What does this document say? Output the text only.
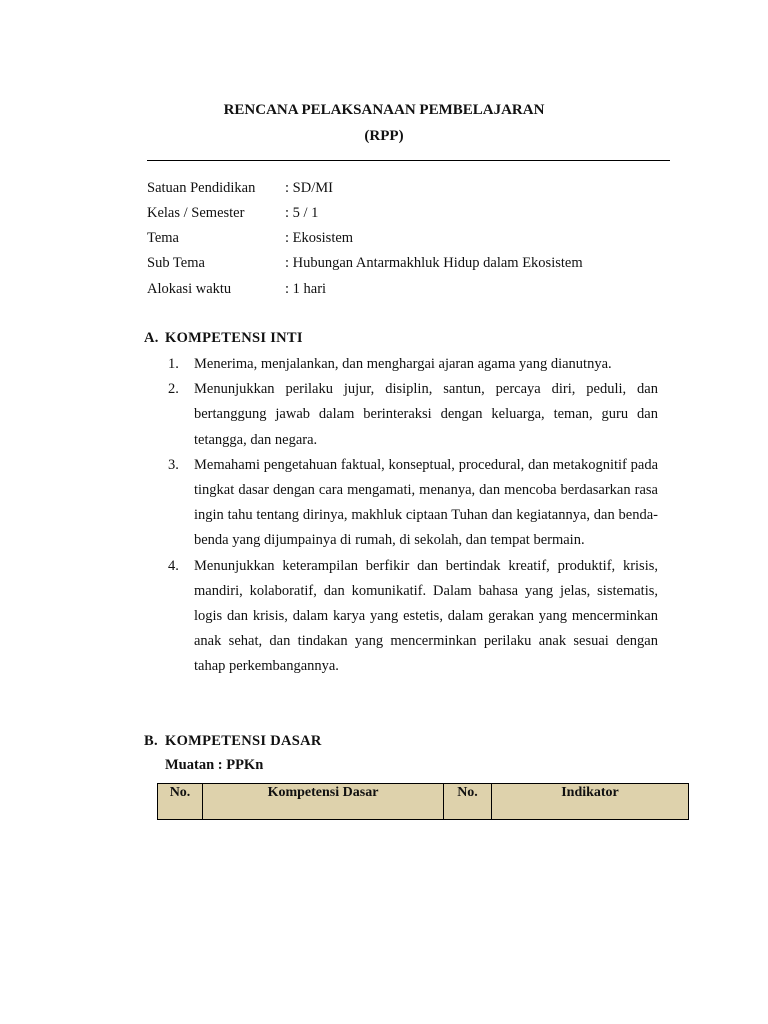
RENCANA PELAKSANAAN PEMBELAJARAN
(RPP)
Satuan Pendidikan	: SD/MI
Kelas / Semester	: 5 / 1
Tema	: Ekosistem
Sub Tema	: Hubungan Antarmakhluk Hidup dalam Ekosistem
Alokasi waktu	: 1 hari
A. KOMPETENSI INTI
1. Menerima, menjalankan, dan menghargai ajaran agama yang dianutnya.
2. Menunjukkan perilaku jujur, disiplin, santun, percaya diri, peduli, dan bertanggung jawab dalam berinteraksi dengan keluarga, teman, guru dan tetangga, dan negara.
3. Memahami pengetahuan faktual, konseptual, procedural, dan metakognitif pada tingkat dasar dengan cara mengamati, menanya, dan mencoba berdasarkan rasa ingin tahu tentang dirinya, makhluk ciptaan Tuhan dan kegiatannya, dan benda-benda yang dijumpainya di rumah, di sekolah, dan tempat bermain.
4. Menunjukkan keterampilan berfikir dan bertindak kreatif, produktif, krisis, mandiri, kolaboratif, dan komunikatif. Dalam bahasa yang jelas, sistematis, logis dan krisis, dalam karya yang estetis, dalam gerakan yang mencerminkan anak sehat, dan tindakan yang mencerminkan perilaku anak sesuai dengan tahap perkembangannya.
B. KOMPETENSI DASAR
Muatan : PPKn
No.	Kompetensi Dasar	No.	Indikator
